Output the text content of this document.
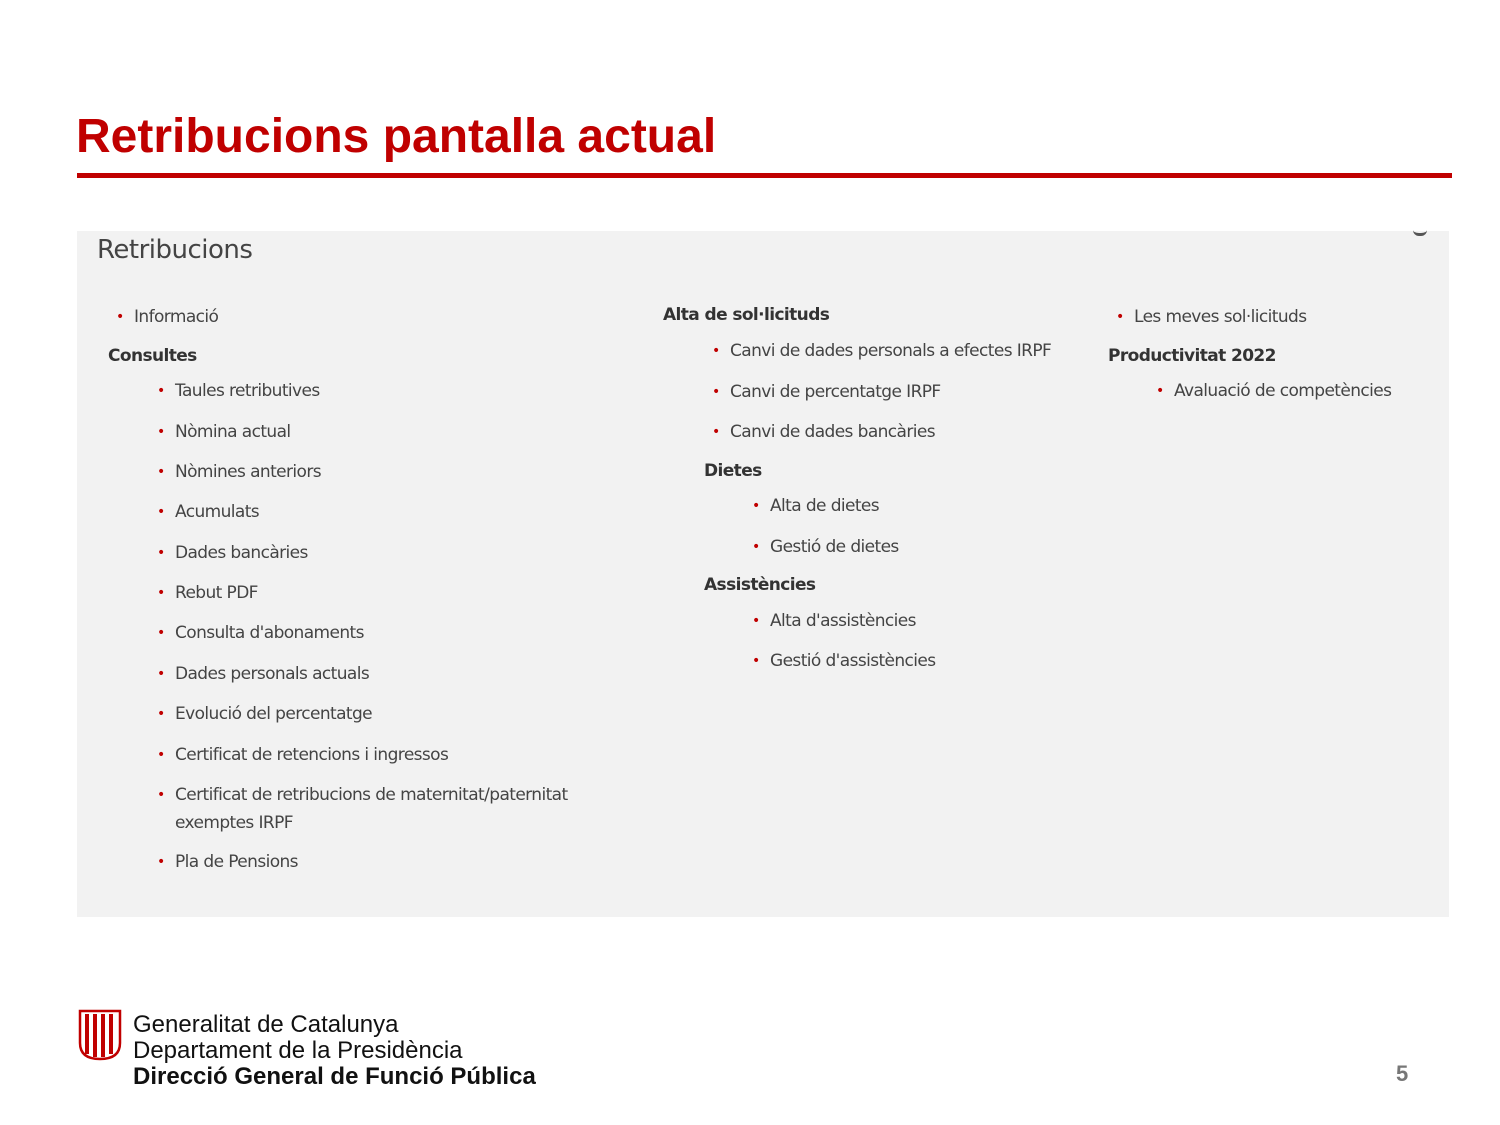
Retribucions pantalla actual
Retribucions
• Informació
Consultes
• Taules retributives
• Nòmina actual
• Nòmines anteriors
• Acumulats
• Dades bancàries
• Rebut PDF
• Consulta d'abonaments
• Dades personals actuals
• Evolució del percentatge
• Certificat de retencions i ingressos
• Certificat de retribucions de maternitat/paternitat exemptes IRPF
• Pla de Pensions
Alta de sol·licituds
• Canvi de dades personals a efectes IRPF
• Canvi de percentatge IRPF
• Canvi de dades bancàries
Dietes
• Alta de dietes
• Gestió de dietes
Assistències
• Alta d'assistències
• Gestió d'assistències
• Les meves sol·licituds
Productivitat 2022
• Avaluació de competències
Generalitat de Catalunya
Departament de la Presidència
Direcció General de Funció Pública	5
